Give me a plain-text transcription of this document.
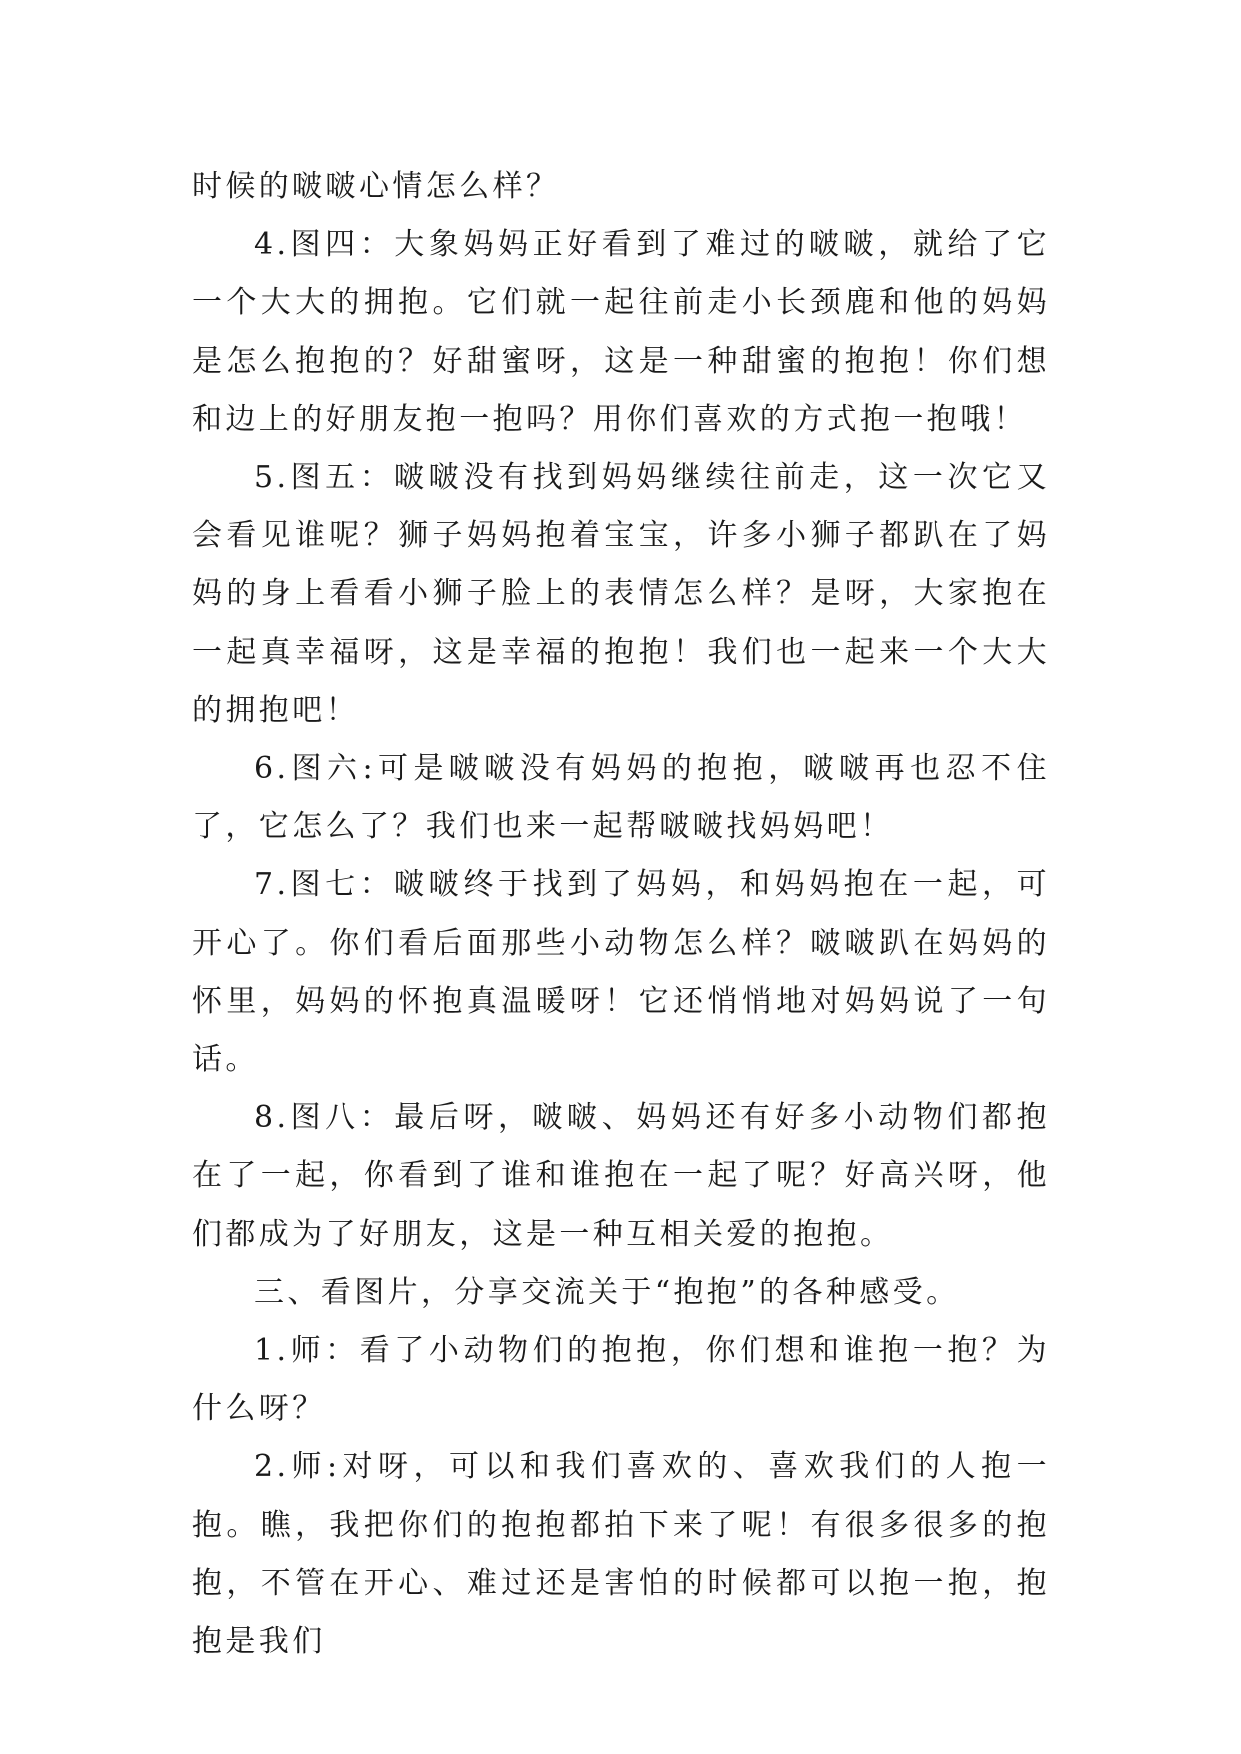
时候的啵啵心情怎么样？

4.图四：大象妈妈正好看到了难过的啵啵，就给了它一个大大的拥抱。它们就一起往前走小长颈鹿和他的妈妈是怎么抱抱的？好甜蜜呀，这是一种甜蜜的抱抱！你们想和边上的好朋友抱一抱吗？用你们喜欢的方式抱一抱哦！

5.图五：啵啵没有找到妈妈继续往前走，这一次它又会看见谁呢？狮子妈妈抱着宝宝，许多小狮子都趴在了妈妈的身上看看小狮子脸上的表情怎么样？是呀，大家抱在一起真幸福呀，这是幸福的抱抱！我们也一起来一个大大的拥抱吧！

6.图六:可是啵啵没有妈妈的抱抱，啵啵再也忍不住了，它怎么了？我们也来一起帮啵啵找妈妈吧！

7.图七：啵啵终于找到了妈妈，和妈妈抱在一起，可开心了。你们看后面那些小动物怎么样？啵啵趴在妈妈的怀里，妈妈的怀抱真温暖呀！它还悄悄地对妈妈说了一句话。

8.图八：最后呀，啵啵、妈妈还有好多小动物们都抱在了一起，你看到了谁和谁抱在一起了呢？好高兴呀，他们都成为了好朋友，这是一种互相关爱的抱抱。

三、看图片，分享交流关于“抱抱”的各种感受。

1.师：看了小动物们的抱抱，你们想和谁抱一抱？为什么呀？

2.师:对呀，可以和我们喜欢的、喜欢我们的人抱一抱。瞧，我把你们的抱抱都拍下来了呢！有很多很多的抱抱，不管在开心、难过还是害怕的时候都可以抱一抱，抱抱是我们
